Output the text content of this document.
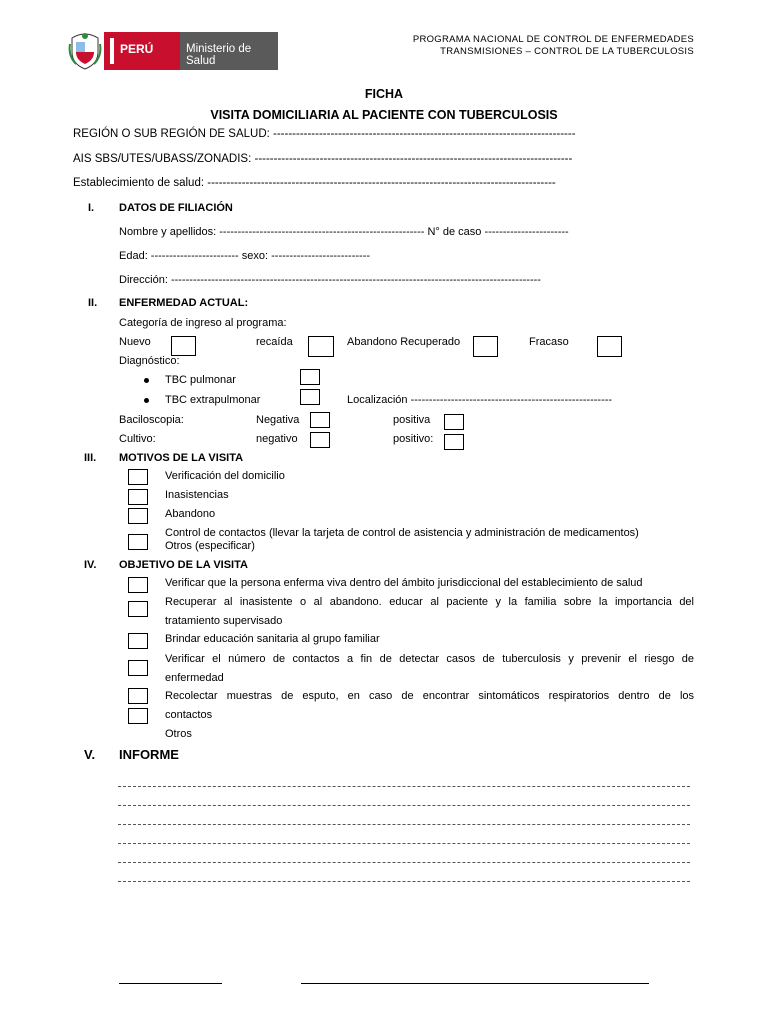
PERÚ	Ministerio de Salud
PROGRAMA NACIONAL DE CONTROL DE ENFERMEDADES
TRANSMISIONES – CONTROL DE LA TUBERCULOSIS
FICHA
VISITA DOMICILIARIA AL PACIENTE CON TUBERCULOSIS
REGIÓN O SUB REGIÓN DE SALUD: -------------------------------------------------------------------------------
AIS SBS/UTES/UBASS/ZONADIS: -----------------------------------------------------------------------------------
Establecimiento de salud: -------------------------------------------------------------------------------------------
I. DATOS DE FILIACIÓN
Nombre y apellidos: -------------------------------------------------------- N° de caso -----------------------
Edad: ------------------------ sexo: ---------------------------
Dirección: -----------------------------------------------------------------------------------------------------
II. ENFERMEDAD ACTUAL:
Categoría de ingreso al programa:
Nuevo	recaída	Abandono Recuperado	Fracaso
Diagnóstico:
TBC pulmonar
TBC extrapulmonar	Localización -------------------------------------------------------
Baciloscopia:	Negativa	positiva
Cultivo:	negativo	positivo:
III. MOTIVOS DE LA VISITA
Verificación del domicilio
Inasistencias
Abandono
Control de contactos (llevar la tarjeta de control de asistencia y administración de medicamentos)
Otros (especificar)
IV. OBJETIVO DE LA VISITA
Verificar que la persona enferma viva dentro del ámbito jurisdiccional del establecimiento de salud
Recuperar al inasistente o al abandono. educar al paciente y la familia sobre la importancia del
tratamiento supervisado
Brindar educación sanitaria al grupo familiar
Verificar el número de contactos a fin de detectar casos de tuberculosis y prevenir el riesgo de
enfermedad
Recolectar muestras de esputo, en caso de encontrar sintomáticos respiratorios dentro de los
contactos
Otros
V. INFORME
